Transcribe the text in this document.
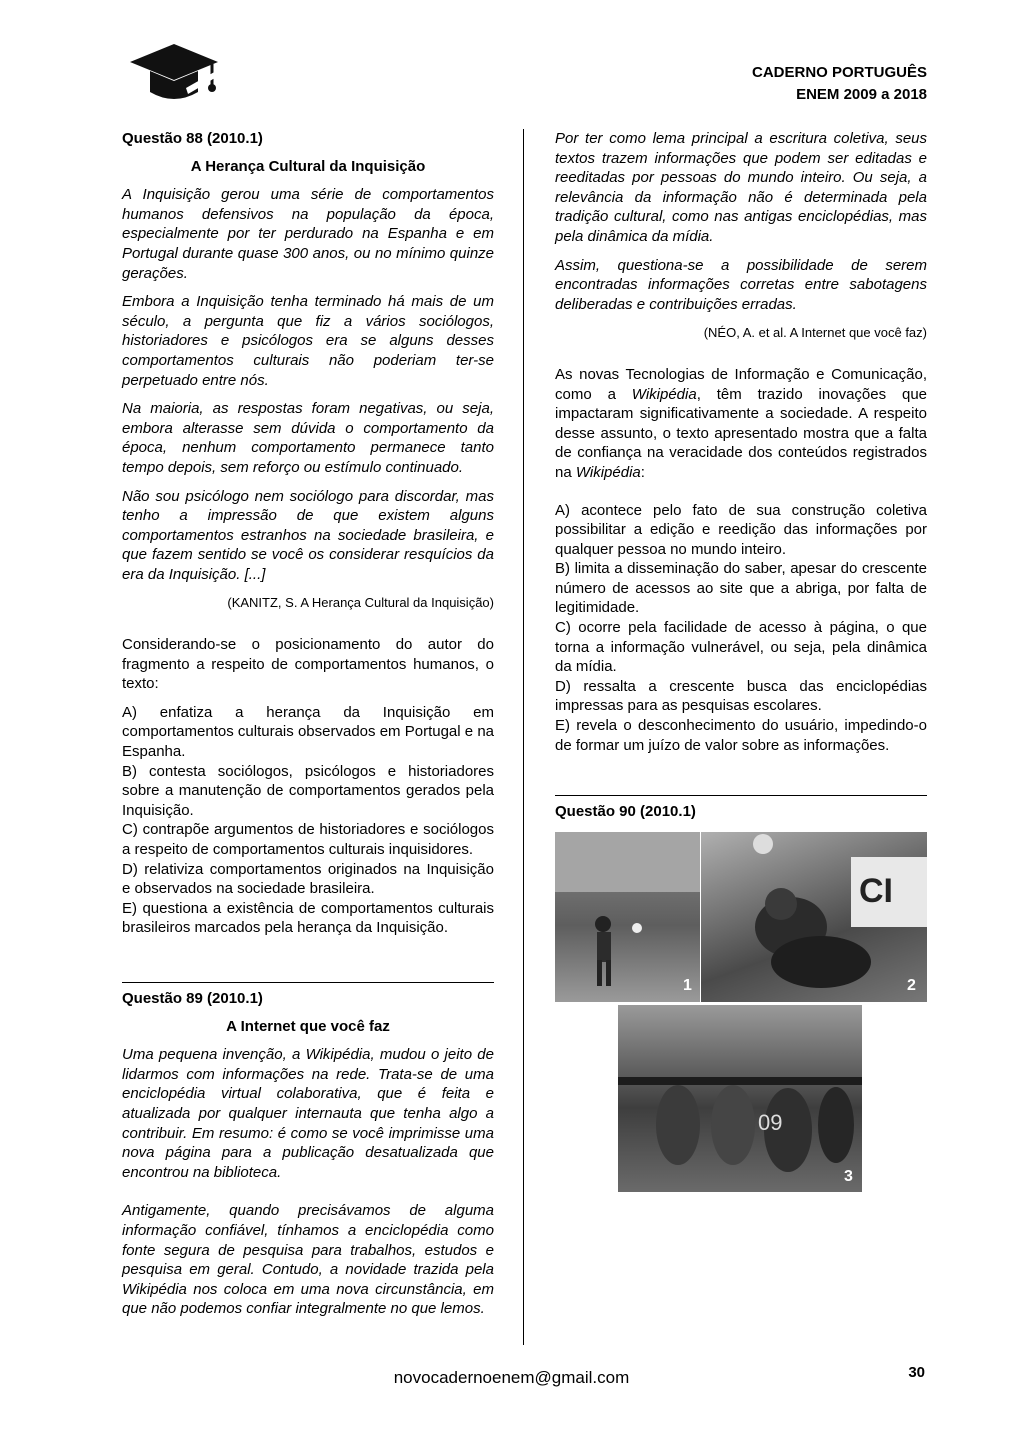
CADERNO PORTUGUÊS
ENEM 2009 a 2018
Questão 88 (2010.1)
A Herança Cultural da Inquisição

A Inquisição gerou uma série de comportamentos humanos defensivos na população da época, especialmente por ter perdurado na Espanha e em Portugal durante quase 300 anos, ou no mínimo quinze gerações.

Embora a Inquisição tenha terminado há mais de um século, a pergunta que fiz a vários sociólogos, historiadores e psicólogos era se alguns desses comportamentos culturais não poderiam ter-se perpetuado entre nós.

Na maioria, as respostas foram negativas, ou seja, embora alterasse sem dúvida o comportamento da época, nenhum comportamento permanece tanto tempo depois, sem reforço ou estímulo continuado.

Não sou psicólogo nem sociólogo para discordar, mas tenho a impressão de que existem alguns comportamentos estranhos na sociedade brasileira, e que fazem sentido se você os considerar resquícios da era da Inquisição. [...]

(KANITZ, S. A Herança Cultural da Inquisição)

Considerando-se o posicionamento do autor do fragmento a respeito de comportamentos humanos, o texto:

A) enfatiza a herança da Inquisição em comportamentos culturais observados em Portugal e na Espanha.
B) contesta sociólogos, psicólogos e historiadores sobre a manutenção de comportamentos gerados pela Inquisição.
C) contrapõe argumentos de historiadores e sociólogos a respeito de comportamentos culturais inquisidores.
D) relativiza comportamentos originados na Inquisição e observados na sociedade brasileira.
E) questiona a existência de comportamentos culturais brasileiros marcados pela herança da Inquisição.
Questão 89 (2010.1)
A Internet que você faz

Uma pequena invenção, a Wikipédia, mudou o jeito de lidarmos com informações na rede. Trata-se de uma enciclopédia virtual colaborativa, que é feita e atualizada por qualquer internauta que tenha algo a contribuir. Em resumo: é como se você imprimisse uma nova página para a publicação desatualizada que encontrou na biblioteca.

Antigamente, quando precisávamos de alguma informação confiável, tínhamos a enciclopédia como fonte segura de pesquisa para trabalhos, estudos e pesquisa em geral. Contudo, a novidade trazida pela Wikipédia nos coloca em uma nova circunstância, em que não podemos confiar integralmente no que lemos.

Por ter como lema principal a escritura coletiva, seus textos trazem informações que podem ser editadas e reeditadas por pessoas do mundo inteiro. Ou seja, a relevância da informação não é determinada pela tradição cultural, como nas antigas enciclopédias, mas pela dinâmica da mídia.

Assim, questiona-se a possibilidade de serem encontradas informações corretas entre sabotagens deliberadas e contribuições erradas.

(NÉO, A. et al. A Internet que você faz)

As novas Tecnologias de Informação e Comunicação, como a Wikipédia, têm trazido inovações que impactaram significativamente a sociedade. A respeito desse assunto, o texto apresentado mostra que a falta de confiança na veracidade dos conteúdos registrados na Wikipédia:

A) acontece pelo fato de sua construção coletiva possibilitar a edição e reedição das informações por qualquer pessoa no mundo inteiro.
B) limita a disseminação do saber, apesar do crescente número de acessos ao site que a abriga, por falta de legitimidade.
C) ocorre pela facilidade de acesso à página, o que torna a informação vulnerável, ou seja, pela dinâmica da mídia.
D) ressalta a crescente busca das enciclopédias impressas para as pesquisas escolares.
E) revela o desconhecimento do usuário, impedindo-o de formar um juízo de valor sobre as informações.
Questão 90 (2010.1)
1
CI
2
09
3
novocadernoenem@gmail.com	30
